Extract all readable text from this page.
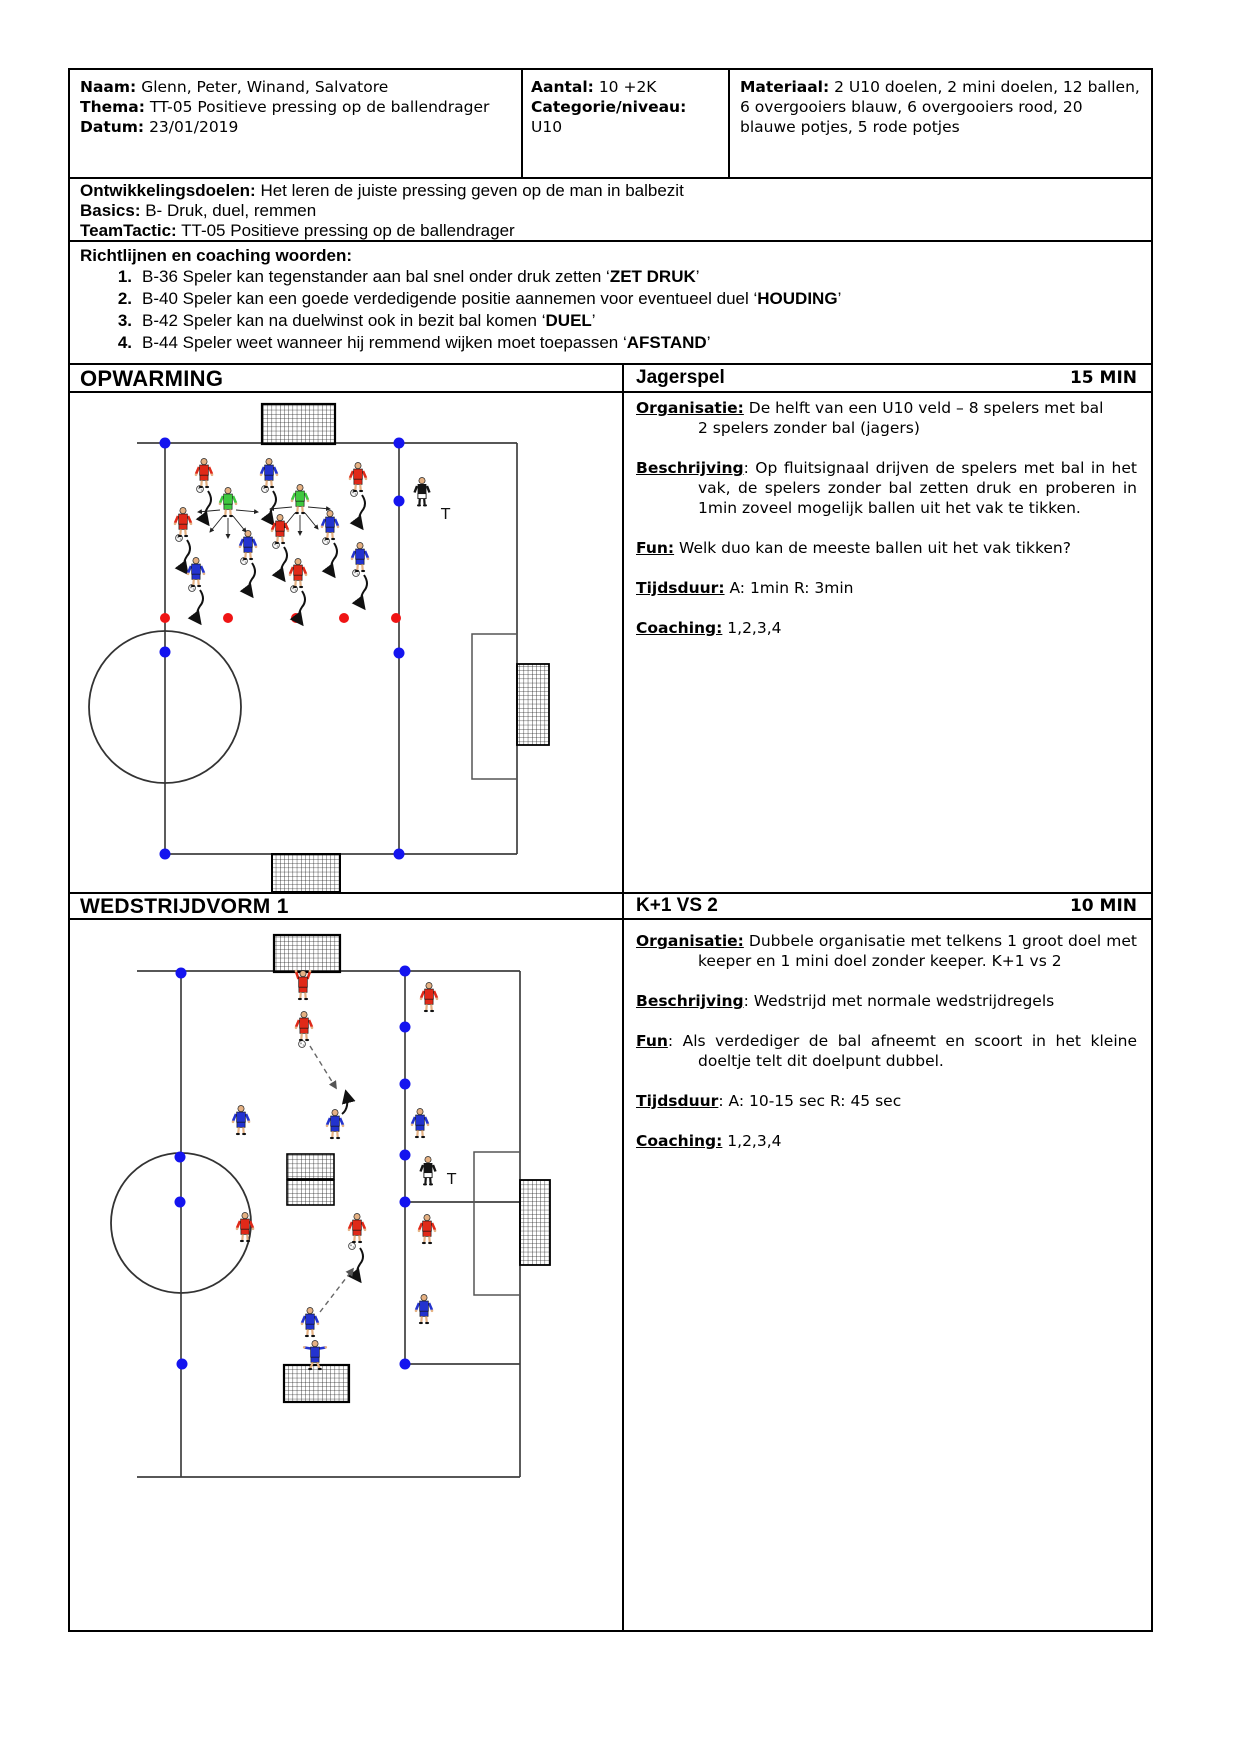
Naam: Glenn, Peter, Winand, Salvatore
Thema: TT-05 Positieve pressing op de ballendrager
Datum: 23/01/2019
Aantal: 10 +2K
Categorie/niveau:
U10
Materiaal: 2 U10 doelen, 2 mini doelen, 12 ballen, 6 overgooiers blauw, 6 overgooiers rood, 20 blauwe potjes, 5 rode potjes
Ontwikkelingsdoelen: Het leren de juiste pressing geven op de man in balbezit
Basics: B- Druk, duel, remmen
TeamTactic: TT-05 Positieve pressing op de ballendrager
Richtlijnen en coaching woorden:
1. B-36 Speler kan tegenstander aan bal snel onder druk zetten ‘ZET DRUK’
2. B-40 Speler kan een goede verdedigende positie aannemen voor eventueel duel ‘HOUDING’
3. B-42 Speler kan na duelwinst ook in bezit bal komen ‘DUEL’
4. B-44 Speler weet wanneer hij remmend wijken moet toepassen ‘AFSTAND’
OPWARMING	Jagerspel	15 MIN
T

Organisatie: De helft van een U10 veld – 8 spelers met bal
2 spelers zonder bal (jagers)

Beschrijving: Op fluitsignaal drijven de spelers met bal in het vak, de spelers zonder bal zetten druk en proberen in 1min zoveel mogelijk ballen uit het vak te tikken.

Fun: Welk duo kan de meeste ballen uit het vak tikken?

Tijdsduur: A: 1min R: 3min

Coaching: 1,2,3,4

WEDSTRIJDVORM 1	K+1 VS 2	10 MIN
T

Organisatie: Dubbele organisatie met telkens 1 groot doel met keeper en 1 mini doel zonder keeper. K+1 vs 2

Beschrijving: Wedstrijd met normale wedstrijdregels

Fun: Als verdediger de bal afneemt en scoort in het kleine doeltje telt dit doelpunt dubbel.

Tijdsduur: A: 10-15 sec R: 45 sec

Coaching: 1,2,3,4
